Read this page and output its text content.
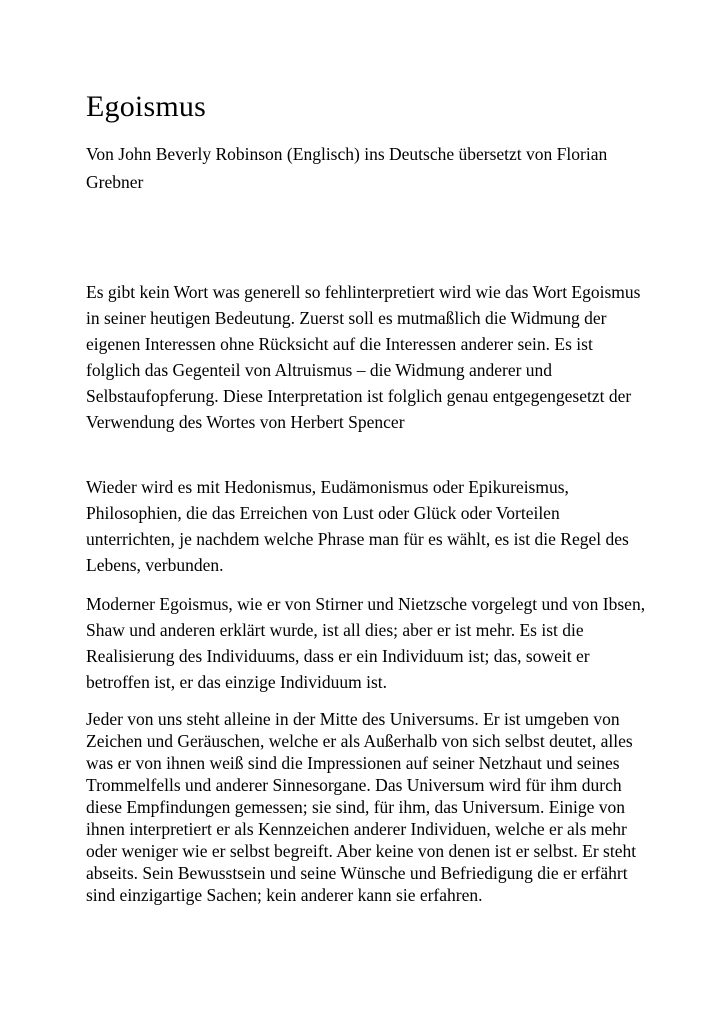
Egoismus

Von John Beverly Robinson (Englisch) ins Deutsche übersetzt von Florian Grebner

Es gibt kein Wort was generell so fehlinterpretiert wird wie das Wort Egoismus in seiner heutigen Bedeutung. Zuerst soll es mutmaßlich die Widmung der eigenen Interessen ohne Rücksicht auf die Interessen anderer sein. Es ist folglich das Gegenteil von Altruismus – die Widmung anderer und Selbstaufopferung. Diese Interpretation ist folglich genau entgegengesetzt der Verwendung des Wortes von Herbert Spencer

Wieder wird es mit Hedonismus, Eudämonismus oder Epikureismus, Philosophien, die das Erreichen von Lust oder Glück oder Vorteilen unterrichten, je nachdem welche Phrase man für es wählt, es ist die Regel des Lebens, verbunden.

Moderner Egoismus, wie er von Stirner und Nietzsche vorgelegt und von Ibsen, Shaw und anderen erklärt wurde, ist all dies; aber er ist mehr. Es ist die Realisierung des Individuums, dass er ein Individuum ist; das, soweit er betroffen ist, er das einzige Individuum ist.

Jeder von uns steht alleine in der Mitte des Universums. Er ist umgeben von Zeichen und Geräuschen, welche er als Außerhalb von sich selbst deutet, alles was er von ihnen weiß sind die Impressionen auf seiner Netzhaut und seines Trommelfells und anderer Sinnesorgane. Das Universum wird für ihm durch diese Empfindungen gemessen; sie sind, für ihm, das Universum. Einige von ihnen interpretiert er als Kennzeichen anderer Individuen, welche er als mehr oder weniger wie er selbst begreift. Aber keine von denen ist er selbst. Er steht abseits. Sein Bewusstsein und seine Wünsche und Befriedigung die er erfährt sind einzigartige Sachen; kein anderer kann sie erfahren.
